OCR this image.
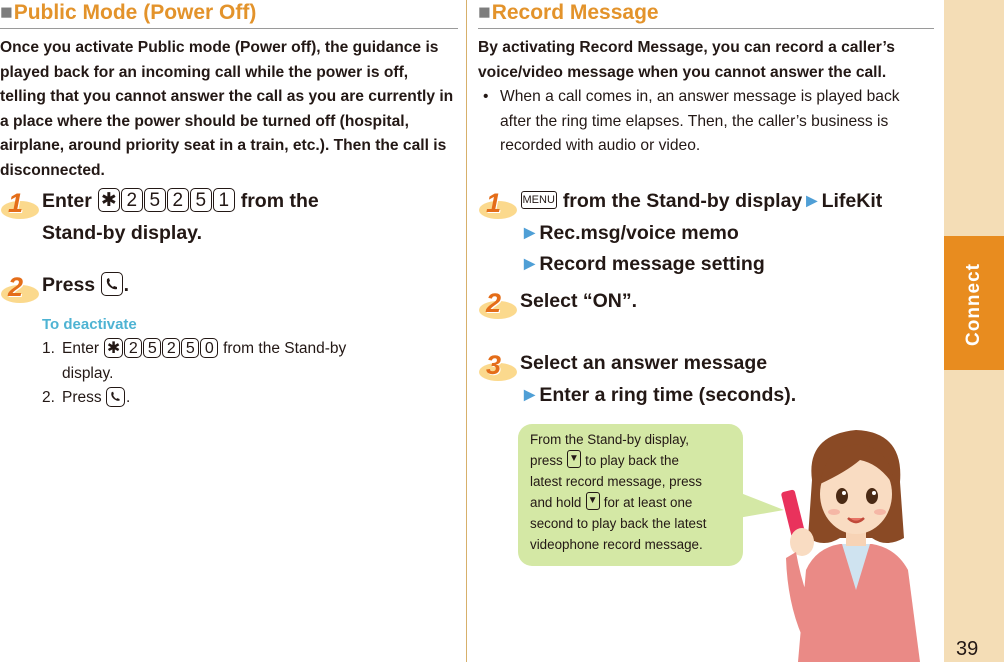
■ Public Mode (Power Off)
Once you activate Public mode (Power off), the guidance is played back for an incoming call while the power is off, telling that you cannot answer the call as you are currently in a place where the power should be turned off (hospital, airplane, around priority seat in a train, etc.). Then the call is disconnected.
1 Enter ✱ 2 5 2 5 1 from the
Stand-by display.
2 Press .
To deactivate
1. Enter ✱ 2 5 2 5 0 from the Stand-by
display.
2. Press .
■ Record Message
By activating Record Message, you can record a caller’s voice/video message when you cannot answer the call.
• When a call comes in, an answer message is played back after the ring time elapses. Then, the caller’s business is recorded with audio or video.
1 MENU from the Stand-by display►LifeKit
►Rec.msg/voice memo
►Record message setting
2 Select “ON”.
3 Select an answer message
►Enter a ring time (seconds).
From the Stand-by display,
press ▼ to play back the
latest record message, press
and hold ▼ for at least one
second to play back the latest
videophone record message.
Connect
39
